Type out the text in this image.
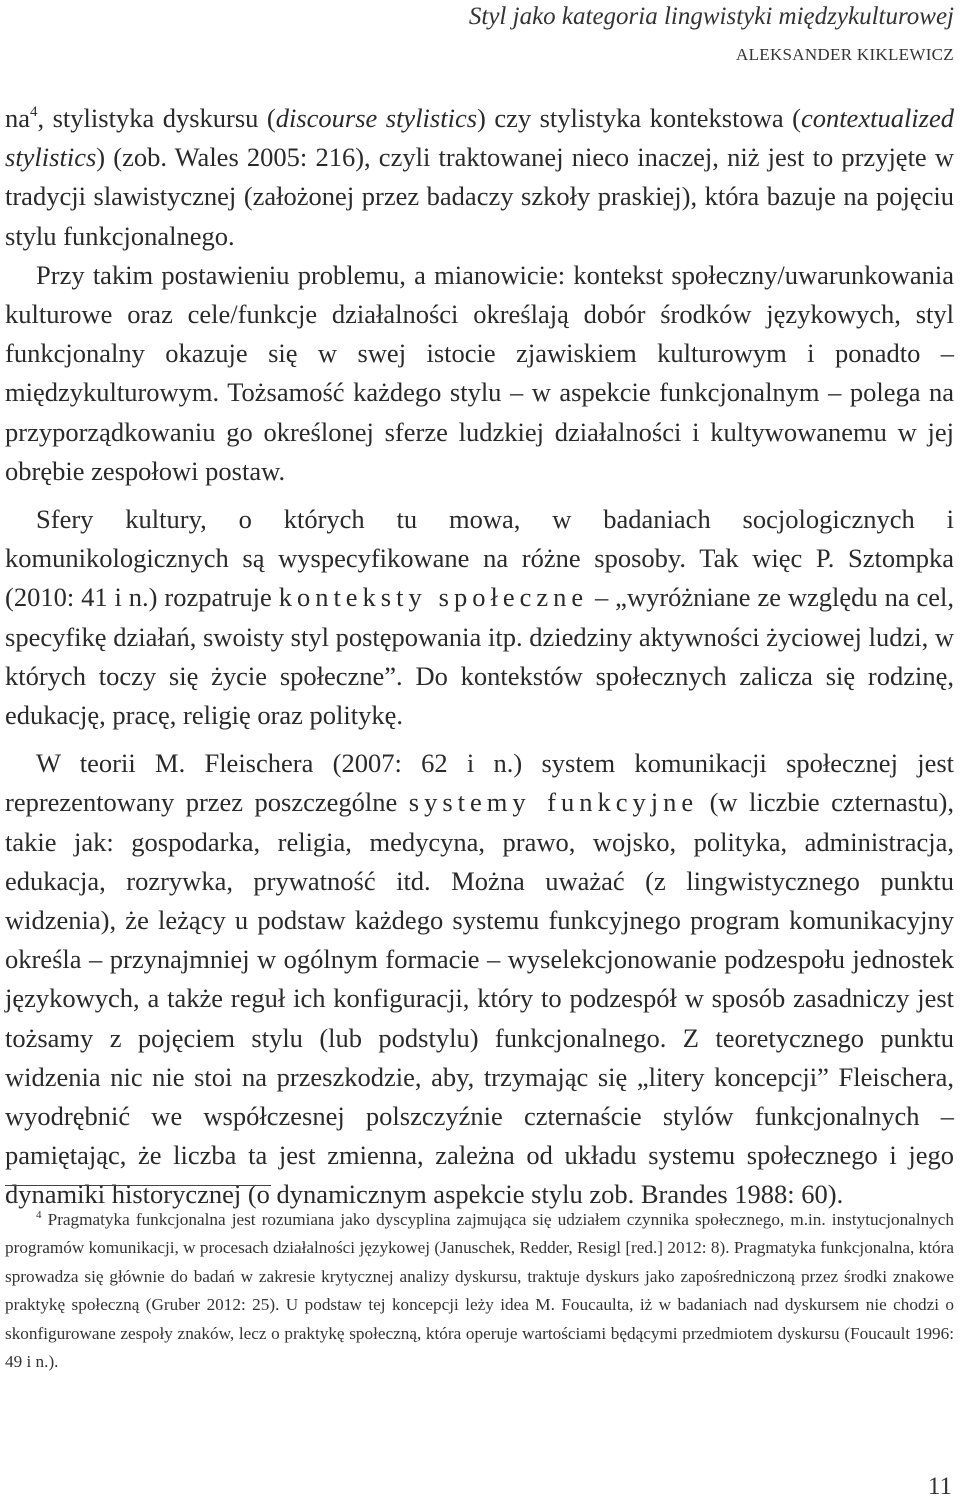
Styl jako kategoria lingwistyki międzykulturowej
ALEKSANDER KIKLEWICZ

na$^4$, stylistyka dyskursu (discourse stylistics) czy stylistyka kontekstowa (contextualized stylistics) (zob. Wales 2005: 216), czyli traktowanej nieco inaczej, niż jest to przyjęte w tradycji slawistycznej (założonej przez badaczy szkoły praskiej), która bazuje na pojęciu stylu funkcjonalnego.

Przy takim postawieniu problemu, a mianowicie: kontekst społeczny/uwarunkowania kulturowe oraz cele/funkcje działalności określają dobór środków językowych, styl funkcjonalny okazuje się w swej istocie zjawiskiem kulturowym i ponadto – międzykulturowym. Tożsamość każdego stylu – w aspekcie funkcjonalnym – polega na przyporządkowaniu go określonej sferze ludzkiej działalności i kultywowanemu w jej obrębie zespołowi postaw.

Sfery kultury, o których tu mowa, w badaniach socjologicznych i komunikologicznych są wyspecyfikowane na różne sposoby. Tak więc P. Sztompka (2010: 41 i n.) rozpatruje konteksty społeczne – „wyróżniane ze względu na cel, specyfikę działań, swoisty styl postępowania itp. dziedziny aktywności życiowej ludzi, w których toczy się życie społeczne”. Do kontekstów społecznych zalicza się rodzinę, edukację, pracę, religię oraz politykę.

W teorii M. Fleischera (2007: 62 i n.) system komunikacji społecznej jest reprezentowany przez poszczególne systemy funkcyjne (w liczbie czternastu), takie jak: gospodarka, religia, medycyna, prawo, wojsko, polityka, administracja, edukacja, rozrywka, prywatność itd. Można uważać (z lingwistycznego punktu widzenia), że leżący u podstaw każdego systemu funkcyjnego program komunikacyjny określa – przynajmniej w ogólnym formacie – wyselekcjonowanie podzespołu jednostek językowych, a także reguł ich konfiguracji, który to podzespół w sposób zasadniczy jest tożsamy z pojęciem stylu (lub podstylu) funkcjonalnego. Z teoretycznego punktu widzenia nic nie stoi na przeszkodzie, aby, trzymając się „litery koncepcji” Fleischera, wyodrębnić we współczesnej polszczyźnie czternaście stylów funkcjonalnych – pamiętając, że liczba ta jest zmienna, zależna od układu systemu społecznego i jego dynamiki historycznej (o dynamicznym aspekcie stylu zob. Brandes 1988: 60).

$^4$ Pragmatyka funkcjonalna jest rozumiana jako dyscyplina zajmująca się udziałem czynnika społecznego, m.in. instytucjonalnych programów komunikacji, w procesach działalności językowej (Januschek, Redder, Resigl [red.] 2012: 8). Pragmatyka funkcjonalna, która sprowadza się głównie do badań w zakresie krytycznej analizy dyskursu, traktuje dyskurs jako zapośredniczoną przez środki znakowe praktykę społeczną (Gruber 2012: 25). U podstaw tej koncepcji leży idea M. Foucaulta, iż w badaniach nad dyskursem nie chodzi o skonfigurowane zespoły znaków, lecz o praktykę społeczną, która operuje wartościami będącymi przedmiotem dyskursu (Foucault 1996: 49 i n.).

11
